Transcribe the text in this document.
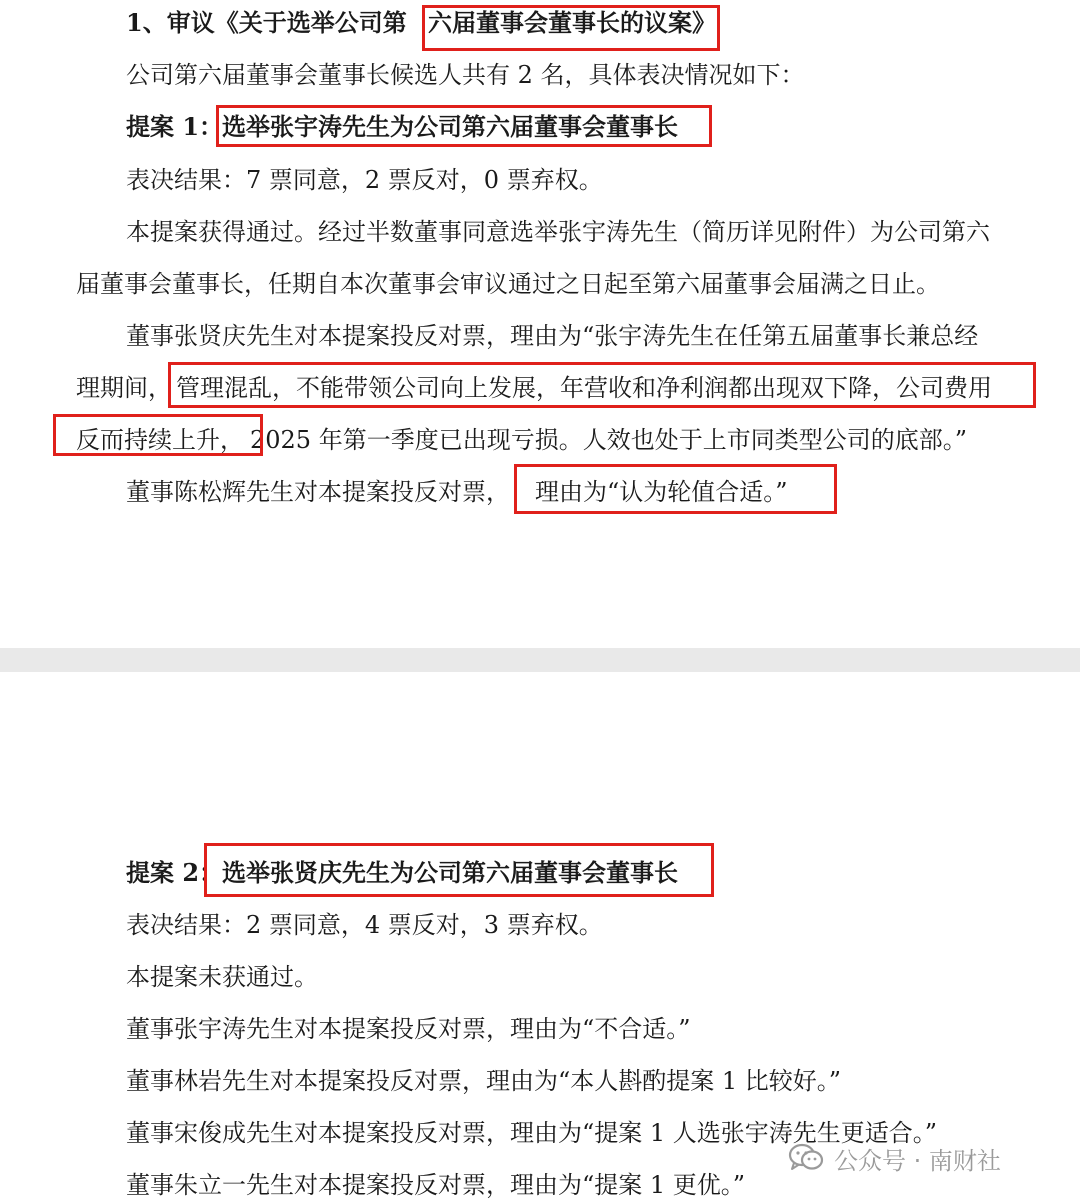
1、审议《关于选举公司第 六届董事会董事长的议案》
公司第六届董事会董事长候选人共有 2 名，具体表决情况如下：
提案 1：
选举张宇涛先生为公司第六届董事会董事长
表决结果：7 票同意，2 票反对，0 票弃权。
本提案获得通过。经过半数董事同意选举张宇涛先生（简历详见附件）为公司第六
届董事会董事长，任期自本次董事会审议通过之日起至第六届董事会届满之日止。
董事张贤庆先生对本提案投反对票，理由为“张宇涛先生在任第五届董事长兼总经
理期间， 管理混乱，不能带领公司向上发展，年营收和净利润都出现双下降，公司费用
反而持续上升， 2025 年第一季度已出现亏损。人效也处于上市同类型公司的底部。”
董事陈松辉先生对本提案投反对票， 理由为“认为轮值合适。”
提案 2：
选举张贤庆先生为公司第六届董事会董事长
表决结果：2 票同意，4 票反对，3 票弃权。
本提案未获通过。
董事张宇涛先生对本提案投反对票，理由为“不合适。”
董事林岩先生对本提案投反对票，理由为“本人斟酌提案 1 比较好。”
董事宋俊成先生对本提案投反对票，理由为“提案 1 人选张宇涛先生更适合。”
董事朱立一先生对本提案投反对票，理由为“提案 1 更优。”
公众号 · 南财社
